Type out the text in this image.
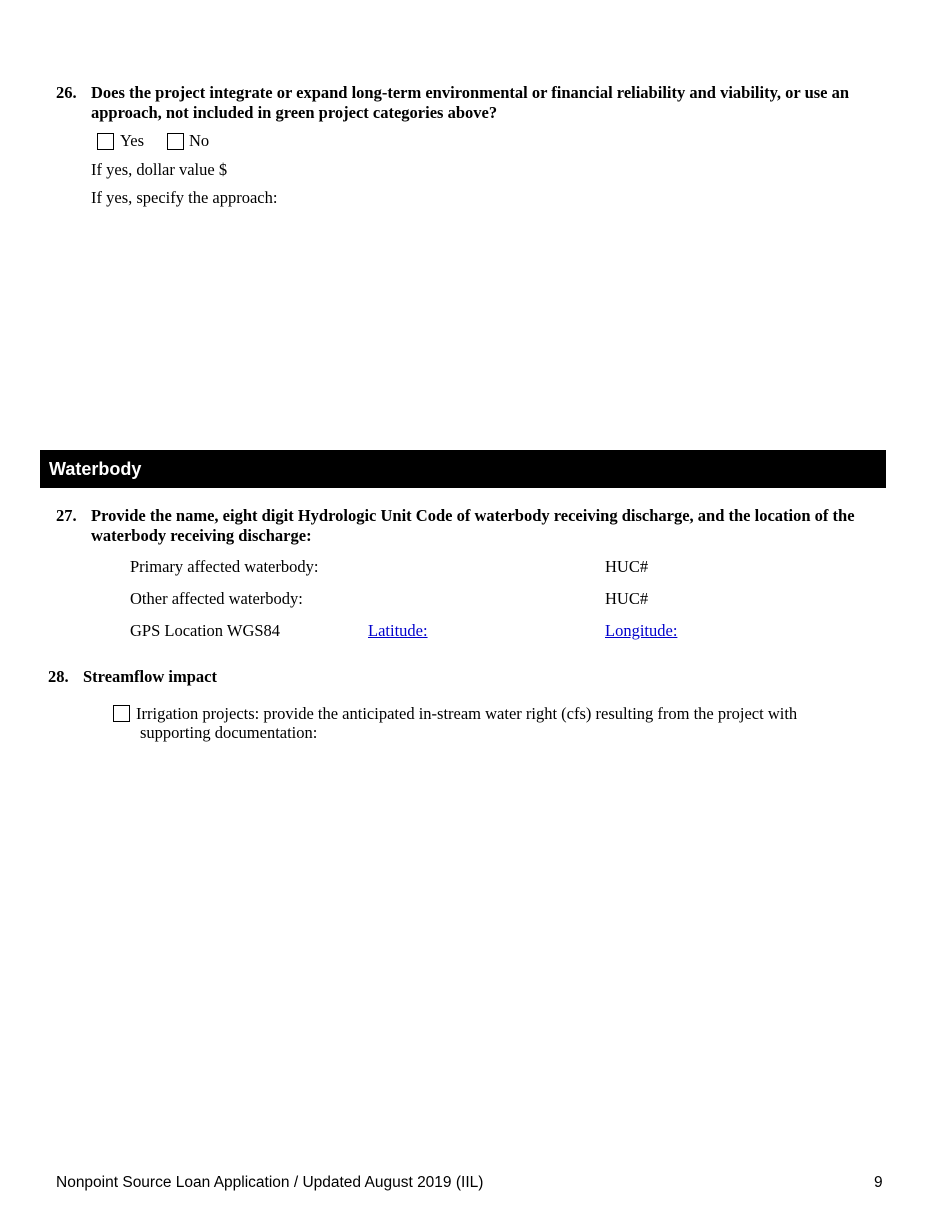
26. Does the project integrate or expand long-term environmental or financial reliability and viability, or use an approach, not included in green project categories above?
Yes	No
If yes, dollar value $
If yes, specify the approach:
Waterbody
27. Provide the name, eight digit Hydrologic Unit Code of waterbody receiving discharge, and the location of the waterbody receiving discharge:
Primary affected waterbody:	HUC#
Other affected waterbody:	HUC#
GPS Location WGS84	Latitude:	Longitude:
28. Streamflow impact
Irrigation projects: provide the anticipated in-stream water right (cfs) resulting from the project with
supporting documentation:
Nonpoint Source Loan Application / Updated August 2019 (IIL)	9
